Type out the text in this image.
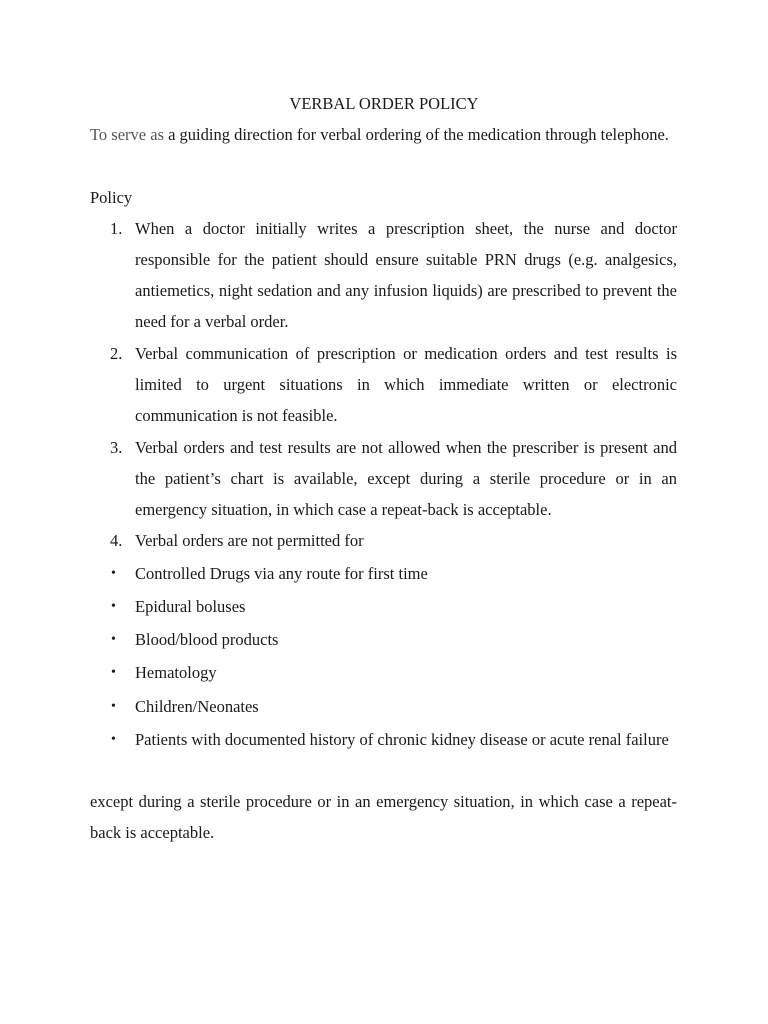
VERBAL ORDER POLICY
To serve as a guiding direction for verbal ordering of the medication through telephone.
Policy
1. When a doctor initially writes a prescription sheet, the nurse and doctor responsible for the patient should ensure suitable PRN drugs (e.g. analgesics, antiemetics, night sedation and any infusion liquids) are prescribed to prevent the need for a verbal order.
2. Verbal communication of prescription or medication orders and test results is limited to urgent situations in which immediate written or electronic communication is not feasible.
3. Verbal orders and test results are not allowed when the prescriber is present and the patient’s chart is available, except during a sterile procedure or in an emergency situation, in which case a repeat-back is acceptable.
4. Verbal orders are not permitted for
• Controlled Drugs via any route for first time
• Epidural boluses
• Blood/blood products
• Hematology
• Children/Neonates
• Patients with documented history of chronic kidney disease or acute renal failure
except during a sterile procedure or in an emergency situation, in which case a repeat-back is acceptable.
